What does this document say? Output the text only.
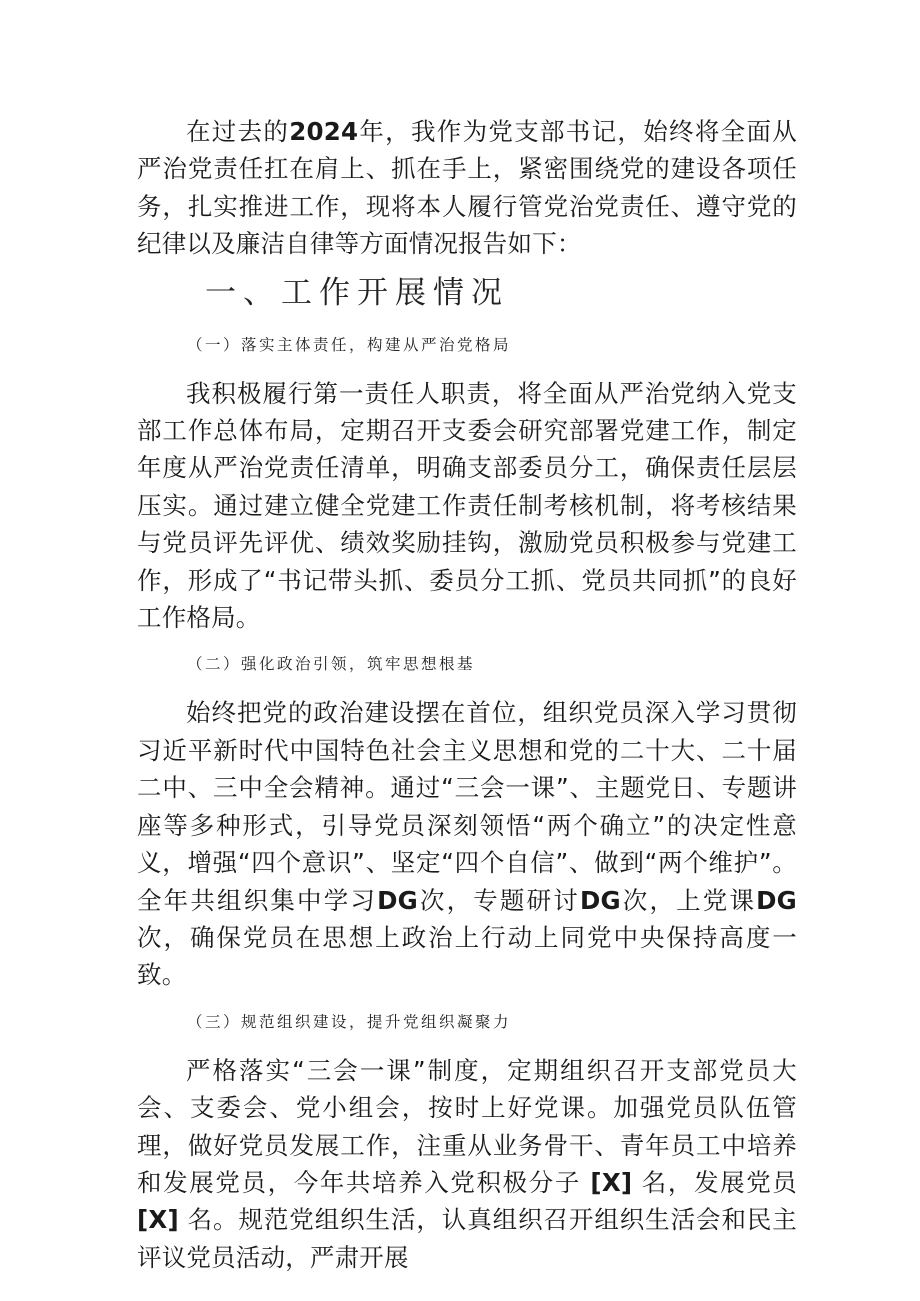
在过去的2024年，我作为党支部书记，始终将全面从严治党责任扛在肩上、抓在手上，紧密围绕党的建设各项任务，扎实推进工作，现将本人履行管党治党责任、遵守党的纪律以及廉洁自律等方面情况报告如下：

一、工作开展情况
（一）落实主体责任，构建从严治党格局

我积极履行第一责任人职责，将全面从严治党纳入党支部工作总体布局，定期召开支委会研究部署党建工作，制定年度从严治党责任清单，明确支部委员分工，确保责任层层压实。通过建立健全党建工作责任制考核机制，将考核结果与党员评先评优、绩效奖励挂钩，激励党员积极参与党建工作，形成了“书记带头抓、委员分工抓、党员共同抓”的良好工作格局。

（二）强化政治引领，筑牢思想根基

始终把党的政治建设摆在首位，组织党员深入学习贯彻习近平新时代中国特色社会主义思想和党的二十大、二十届二中、三中全会精神。通过“三会一课”、主题党日、专题讲座等多种形式，引导党员深刻领悟“两个确立”的决定性意义，增强“四个意识”、坚定“四个自信”、做到“两个维护”。全年共组织集中学习DG次，专题研讨DG次，上党课DG次，确保党员在思想上政治上行动上同党中央保持高度一致。

（三）规范组织建设，提升党组织凝聚力

严格落实“三会一课”制度，定期组织召开支部党员大会、支委会、党小组会，按时上好党课。加强党员队伍管理，做好党员发展工作，注重从业务骨干、青年员工中培养和发展党员，今年共培养入党积极分子 [X] 名，发展党员 [X] 名。规范党组织生活，认真组织召开组织生活会和民主评议党员活动，严肃开展
